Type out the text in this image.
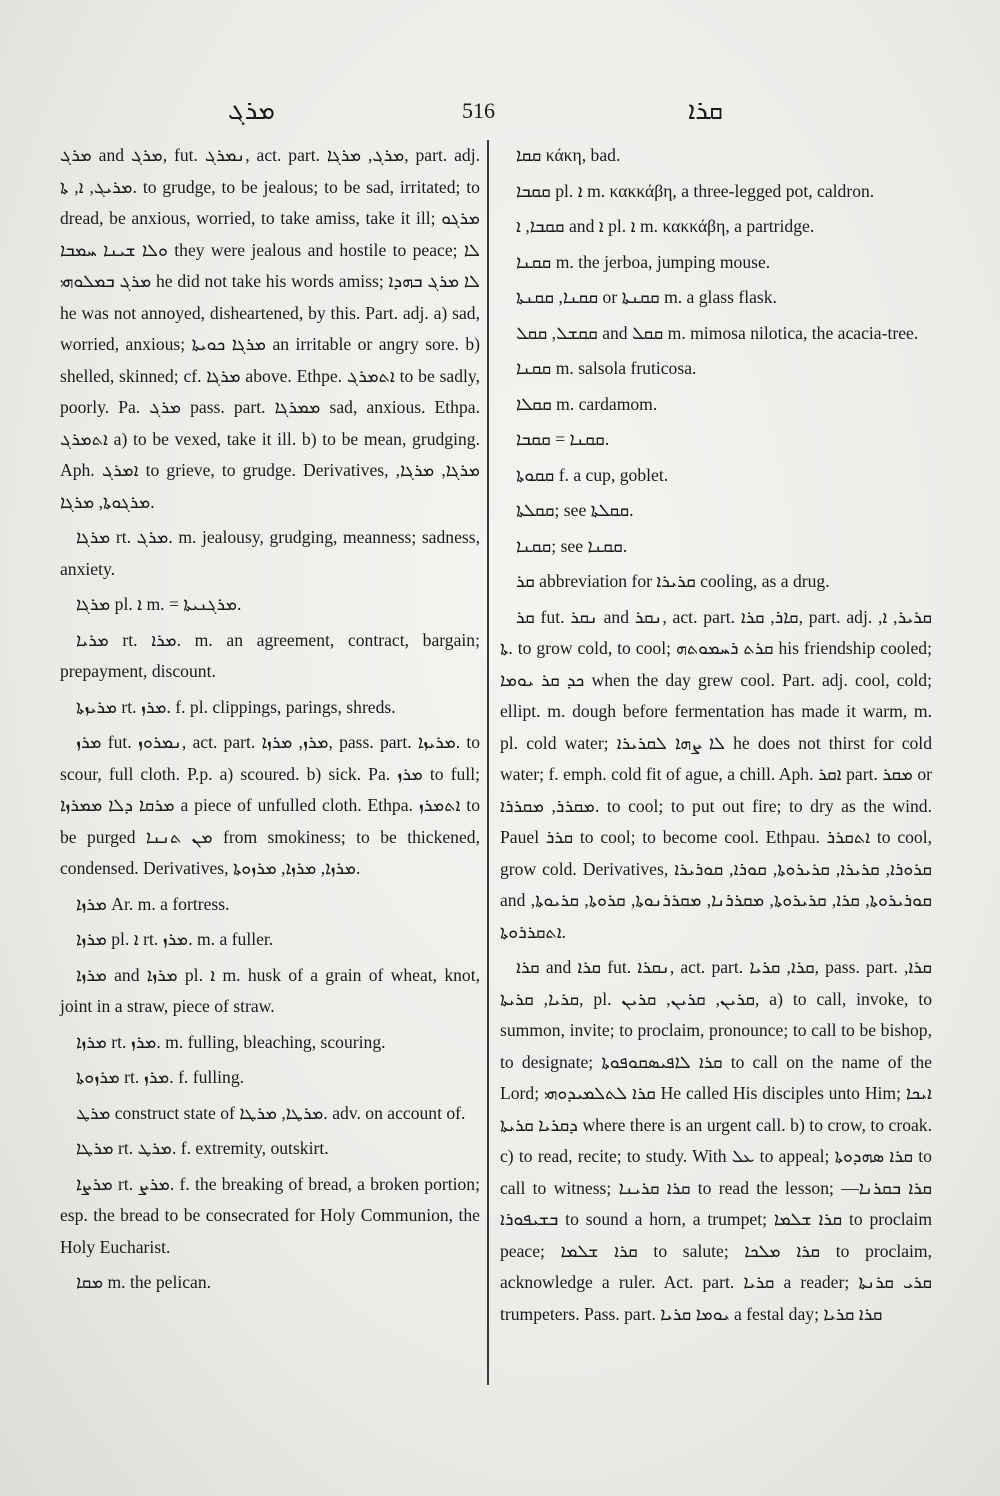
ܡܪܓ	516	ܩܪܐ

ܡܪܓ and ܡܪܓ, fut. ܢܡܪܓ, act. part. ܡܪܓ, ܡܪܓܐ, part. adj. ܡܪܝܓ, ܐ, ܬܐ. to grudge, to be jealous; to be sad, irritated; to dread, be anxious, worried, to take amiss, take it ill; ܡܪܓܘ ܘܠܐ ܫܝܢܐ ܚܡܒܐ they were jealous and hostile to peace; ܠܐ ܡܪܓ ܒܡܠܘܗܝ he did not take his words amiss; ܠܐ ܡܪܓ ܒܗܕܐ he was not annoyed, disheartened, by this. Part. adj. a) sad, worried, anxious; ܡܪܓܐ ܟܘܝܬܐ an irritable or angry sore. b) shelled, skinned; cf. ܡܪܓܐ above. Ethpe. ܐܬܡܪܓ to be sadly, poorly. Pa. ܡܪܓ pass. part. ܡܡܪܓܐ sad, anxious. Ethpa. ܐܬܡܪܓ a) to be vexed, take it ill. b) to be mean, grudging. Aph. ܐܡܪܓ to grieve, to grudge. Derivatives, ܡܪܓܐ, ܡܪܓܐ, ܡܪܓܘܬܐ, ܡܪܓܐ.

ܡܪܓܐ rt. ܡܪܓ. m. jealousy, grudging, meanness; sadness, anxiety.

ܡܪܓܐ pl. ܐ m. = ܡܪܓܢܝܬܐ.

ܡܪܝܐ rt. ܡܪܐ. m. an agreement, contract, bargain; prepayment, discount.

ܡܪܝܙܬܐ rt. ܡܪܙ. f. pl. clippings, parings, shreds.

ܡܪܙ fut. ܢܡܪܘܙ, act. part. ܡܪܙ, ܡܪܙܐ, pass. part. ܡܪܝܙܐ. to scour, full cloth. P.p. a) scoured. b) sick. Pa. ܡܪܙ to full; ܡܪܩܐ ܕܠܐ ܡܡܪܙܐ a piece of unfulled cloth. Ethpa. ܐܬܡܪܙ to be purged ܡܢ ܬܢܢܐ from smokiness; to be thickened, condensed. Derivatives, ܡܪܙܐ, ܡܪܙܐ, ܡܪܙܘܬܐ.

ܡܪܙܐ Ar. m. a fortress.

ܡܪܙܐ pl. ܐ rt. ܡܪܙ. m. a fuller.

ܡܪܙܐ and ܡܪܙܐ pl. ܐ m. husk of a grain of wheat, knot, joint in a straw, piece of straw.

ܡܪܙܐ rt. ܡܪܙ. m. fulling, bleaching, scouring.

ܡܪܙܘܬܐ rt. ܡܪܙ. f. fulling.

ܡܪܛ construct state of ܡܪܛܐ, ܡܪܛܐ. adv. on account of.

ܡܪܛܐ rt. ܡܪܛ. f. extremity, outskirt.

ܡܪܨܐ rt. ܡܪܨ. f. the breaking of bread, a broken portion; esp. the bread to be consecrated for Holy Communion, the Holy Eucharist.

ܡܩܐ m. the pelican.

ܩܩܐ κάκη, bad.

ܩܩܒܐ pl. ܐ m. κακκάβη, a three-legged pot, caldron.

ܩܩܒܐ, ܐ and ܐ pl. ܐ m. κακκάβη, a partridge.

ܩܩܢܐ m. the jerboa, jumping mouse.

ܩܩܢܐ, ܩܩܢܬܐ or ܩܩܢܬܐ m. a glass flask.

ܩܩܫܠ, ܩܩܠ and ܩܩܠ m. mimosa nilotica, the acacia-tree.

ܩܩܢܐ m. salsola fruticosa.

ܩܩܠܐ m. cardamom.

ܩܩܢܐ = ܩܩܒܐ.

ܩܩܘܬܐ f. a cup, goblet.

ܩܩܠܬܐ; see ܩܩܠܬܐ.

ܩܩܢܐ; see ܩܩܢܐ.

ܩܪ abbreviation for ܩܪܝܪܐ cooling, as a drug.

ܩܪ fut. ܢܩܪ and ܢܩܪ, act. part. ܩܐܪ, ܩܪܐ, part. adj. ܩܪܝܪ, ܐ, ܬܐ. to grow cold, to cool; ܩܪܬ ܪܚܡܘܬܗ his friendship cooled; ܟܕ ܩܪ ܝܘܡܐ when the day grew cool. Part. adj. cool, cold; ellipt. m. dough before fermentation has made it warm, m. pl. cold water; ܠܐ ܨܗܐ ܠܩܪܝܪܐ he does not thirst for cold water; f. emph. cold fit of ague, a chill. Aph. ܐܩܪ part. ܡܩܪ or ܡܩܪܪ, ܡܩܪܪܐ. to cool; to put out fire; to dry as the wind. Pauel ܩܪܪ to cool; to become cool. Ethpau. ܐܬܩܪܪ to cool, grow cold. Derivatives, ܩܪܘܪܐ, ܩܪܝܪܐ, ܩܪܝܪܘܬܐ, ܩܘܪܐ, ܩܘܪܝܪܐ and ܩܘܪܝܪܘܬܐ, ܩܪܐ, ܩܪܝܪܘܬܐ, ܡܩܪܪܢܐ, ܡܩܪܪܢܘܬܐ, ܩܪܘܬܐ, ܩܪܝܘܬܐ, ܐܬܩܪܪܘܬܐ.

ܩܪܐ and ܩܪܐ fut. ܢܩܪܐ, act. part. ܩܪܐ, ܩܪܝܐ, pass. part. ܩܪܐ, ܩܪܝܐ, ܩܪܝܬܐ, pl. ܩܪܝܢ, ܩܪܝܢ, ܩܪܝܢ, a) to call, invoke, to summon, invite; to proclaim, pronounce; to call to be bishop, to designate; ܩܪܐ ܠܐܦܝܣܩܘܦܘܬܐ to call on the name of the Lord; ܩܪܐ ܠܬܠܡܝܕܘܗܝ He called His disciples unto Him; ܐܝܟܐ ܕܩܪܝܐ ܩܪܝܬܐ where there is an urgent call. b) to crow, to croak. c) to read, recite; to study. With ܥܠ to appeal; ܩܪܐ ܣܗܕܘܬܐ to call to witness; ܩܪܐ ܩܪܝܢܐ to read the lesson; ܩܪܐ ܒܩܪܢܐ—ܒܫܝܦܘܪܐ to sound a horn, a trumpet; ܩܪܐ ܫܠܡܐ to proclaim peace; ܩܪܐ ܫܠܡܐ to salute; ܩܪܐ ܡܠܟܐ to proclaim, acknowledge a ruler. Act. part. ܩܪܝܐ a reader; ܩܪܝ ܩܪܢܬܐ trumpeters. Pass. part. ܝܘܡܐ ܩܪܝܐ a festal day; ܩܪܐ ܩܪܝܐ
